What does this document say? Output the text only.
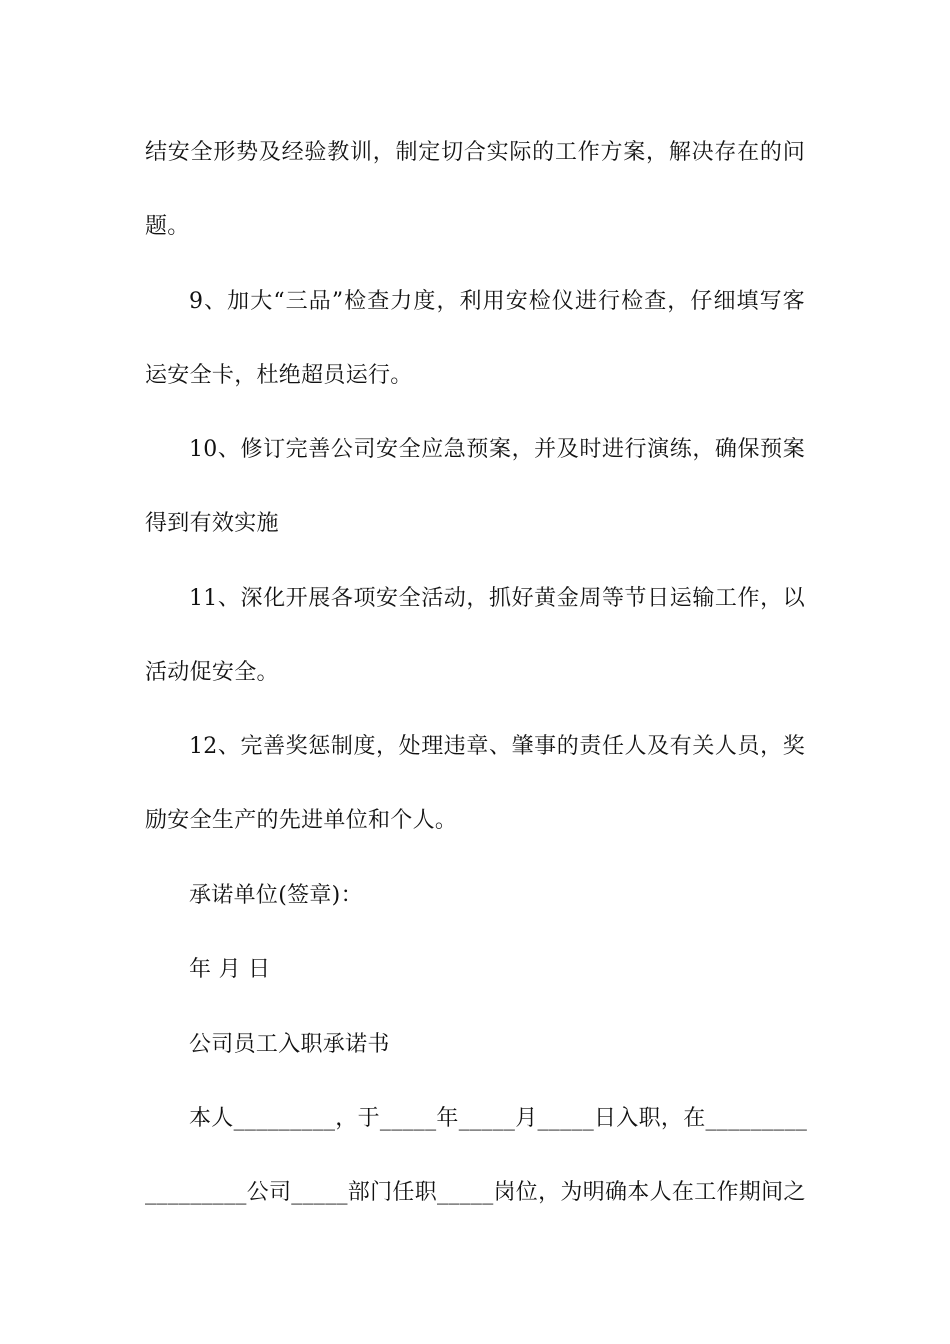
结安全形势及经验教训，制定切合实际的工作方案，解决存在的问
题。
9、加大“三品”检查力度，利用安检仪进行检查，仔细填写客
运安全卡，杜绝超员运行。
10、修订完善公司安全应急预案，并及时进行演练，确保预案
得到有效实施
11、深化开展各项安全活动，抓好黄金周等节日运输工作，以
活动促安全。
12、完善奖惩制度，处理违章、肇事的责任人及有关人员，奖
励安全生产的先进单位和个人。
承诺单位(签章)：
年 月 日
公司员工入职承诺书
本人_________，于_____年_____月_____日入职，在_________
_________公司_____部门任职_____岗位，为明确本人在工作期间之
